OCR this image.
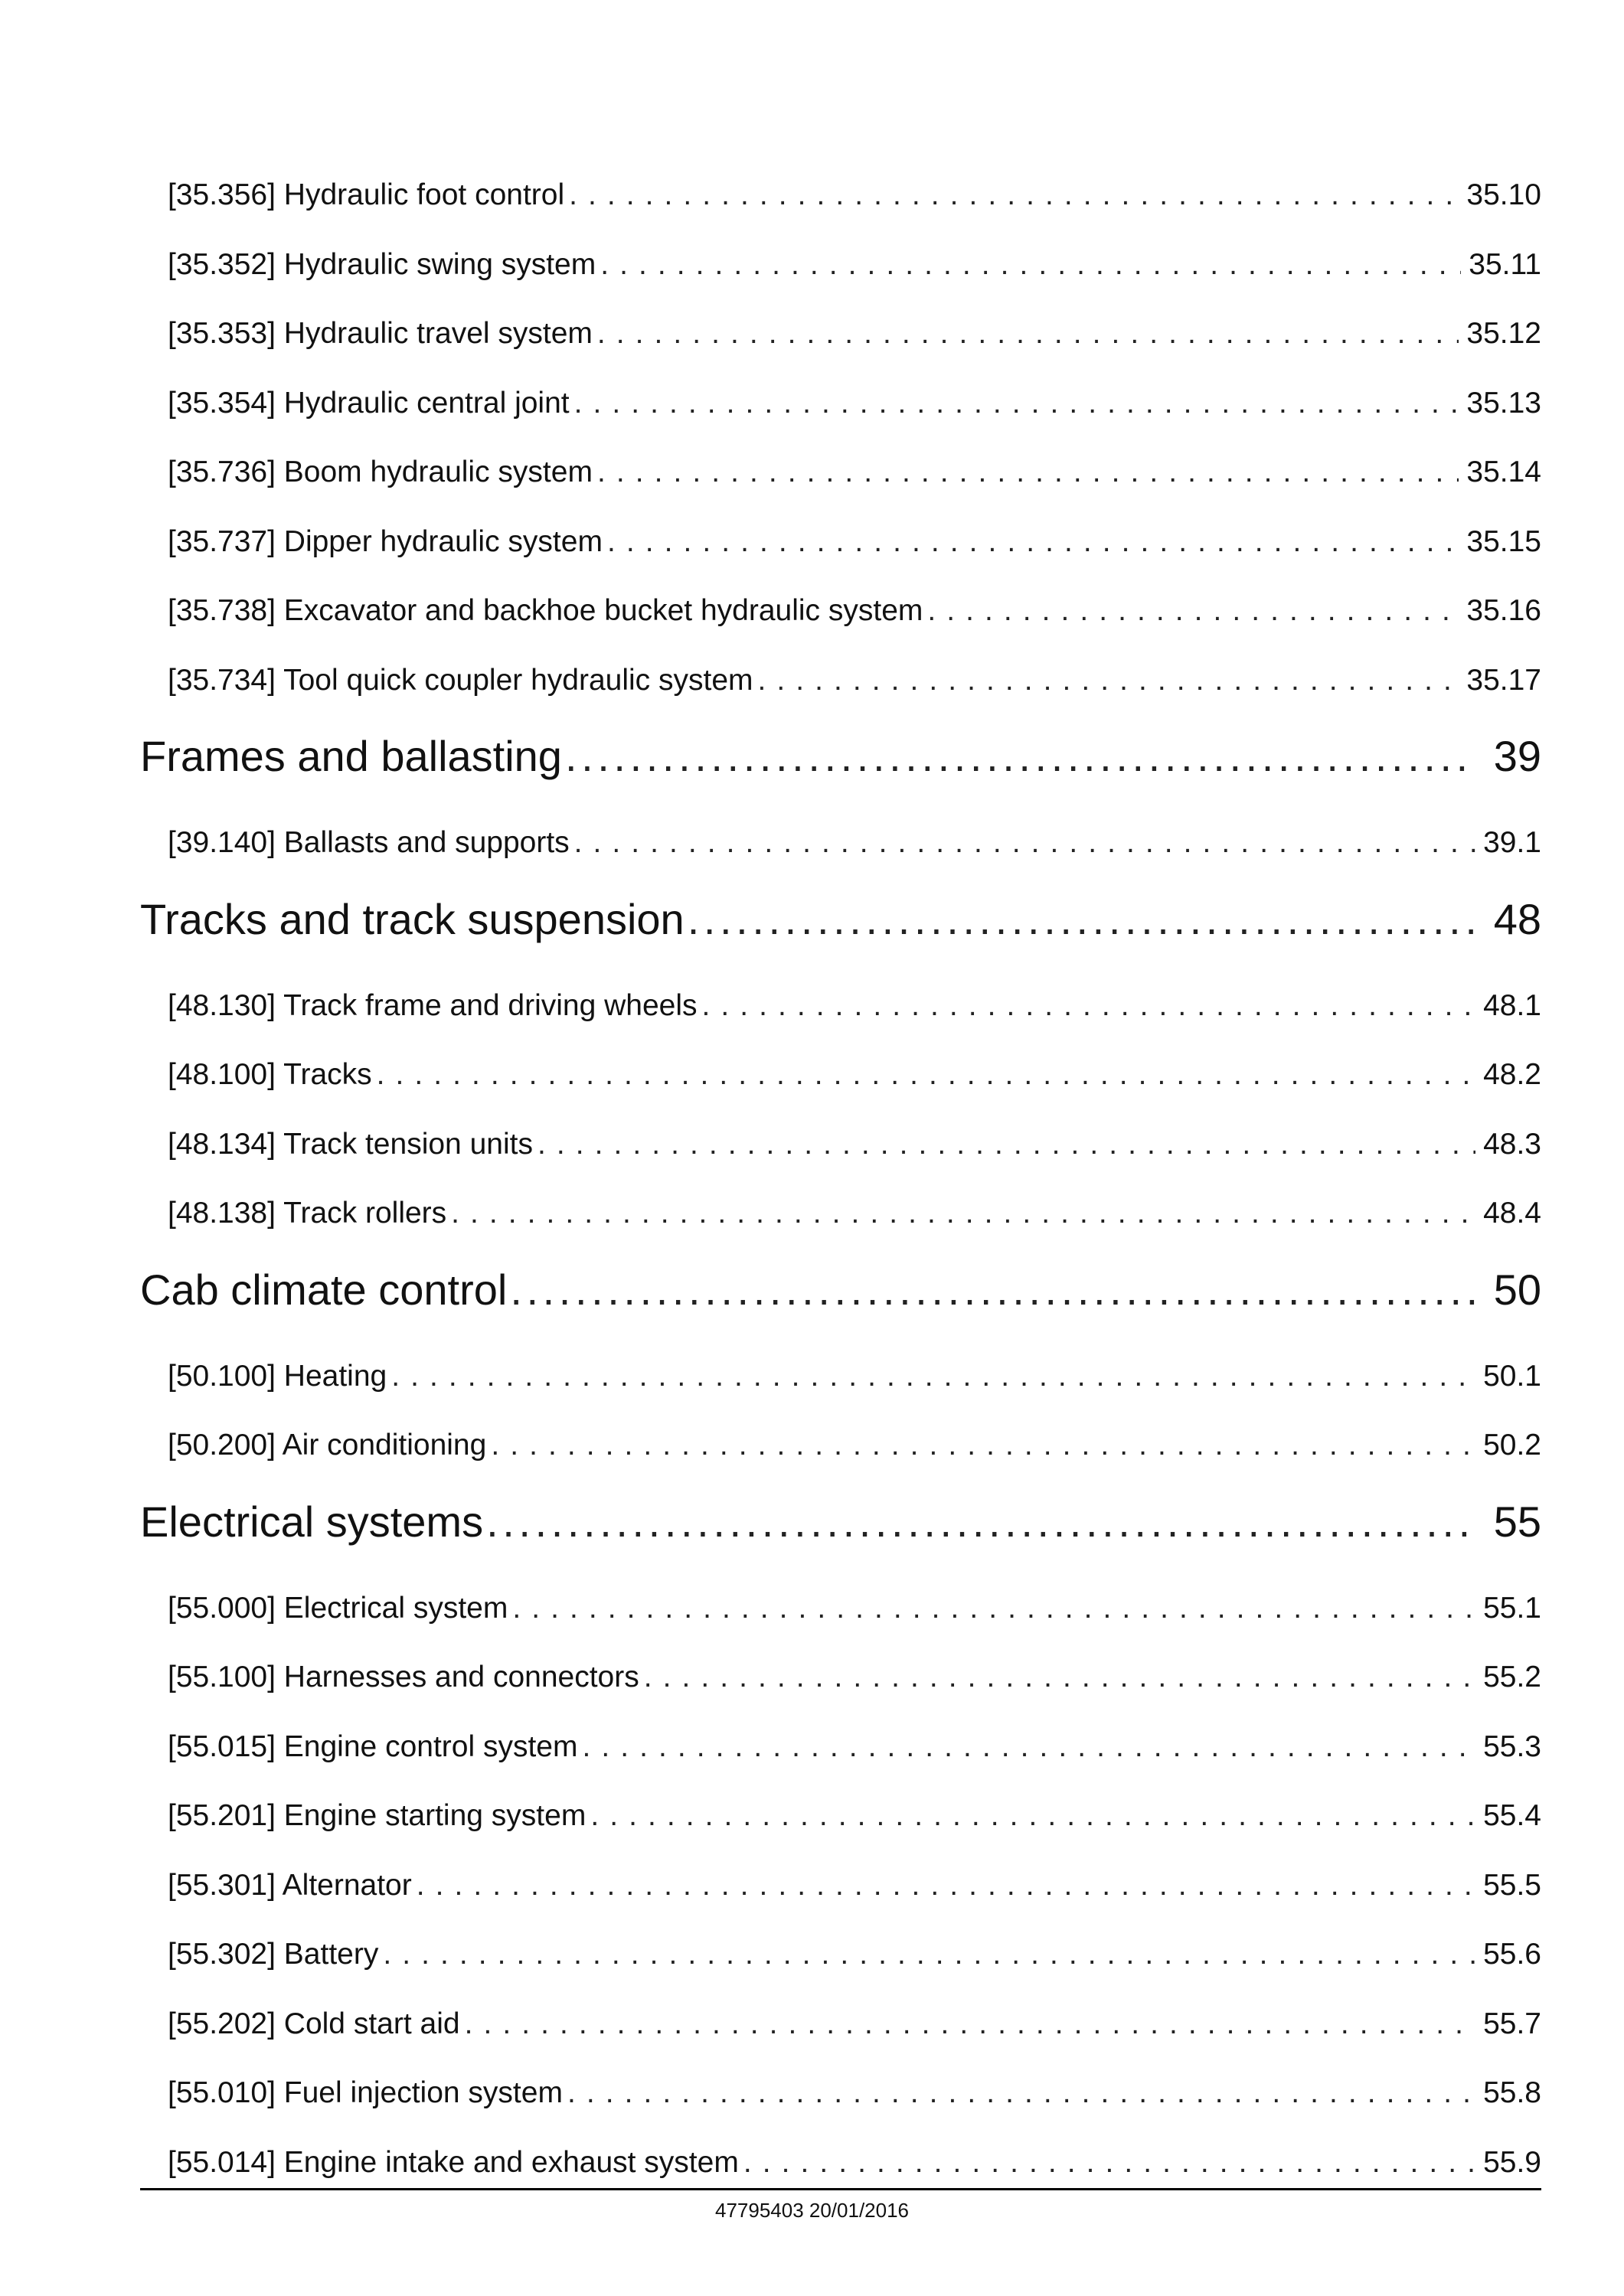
[35.356] Hydraulic foot control .....	35.10
[35.352] Hydraulic swing system .....	35.11
[35.353] Hydraulic travel system .....	35.12
[35.354] Hydraulic central joint .....	35.13
[35.736] Boom hydraulic system .....	35.14
[35.737] Dipper hydraulic system .....	35.15
[35.738] Excavator and backhoe bucket hydraulic system .....	35.16
[35.734] Tool quick coupler hydraulic system .....	35.17
Frames and ballasting .....	39
[39.140] Ballasts and supports .....	39.1
Tracks and track suspension .....	48
[48.130] Track frame and driving wheels .....	48.1
[48.100] Tracks .....	48.2
[48.134] Track tension units .....	48.3
[48.138] Track rollers .....	48.4
Cab climate control .....	50
[50.100] Heating .....	50.1
[50.200] Air conditioning .....	50.2
Electrical systems .....	55
[55.000] Electrical system .....	55.1
[55.100] Harnesses and connectors .....	55.2
[55.015] Engine control system .....	55.3
[55.201] Engine starting system .....	55.4
[55.301] Alternator .....	55.5
[55.302] Battery .....	55.6
[55.202] Cold start aid .....	55.7
[55.010] Fuel injection system .....	55.8
[55.014] Engine intake and exhaust system .....	55.9
47795403 20/01/2016
